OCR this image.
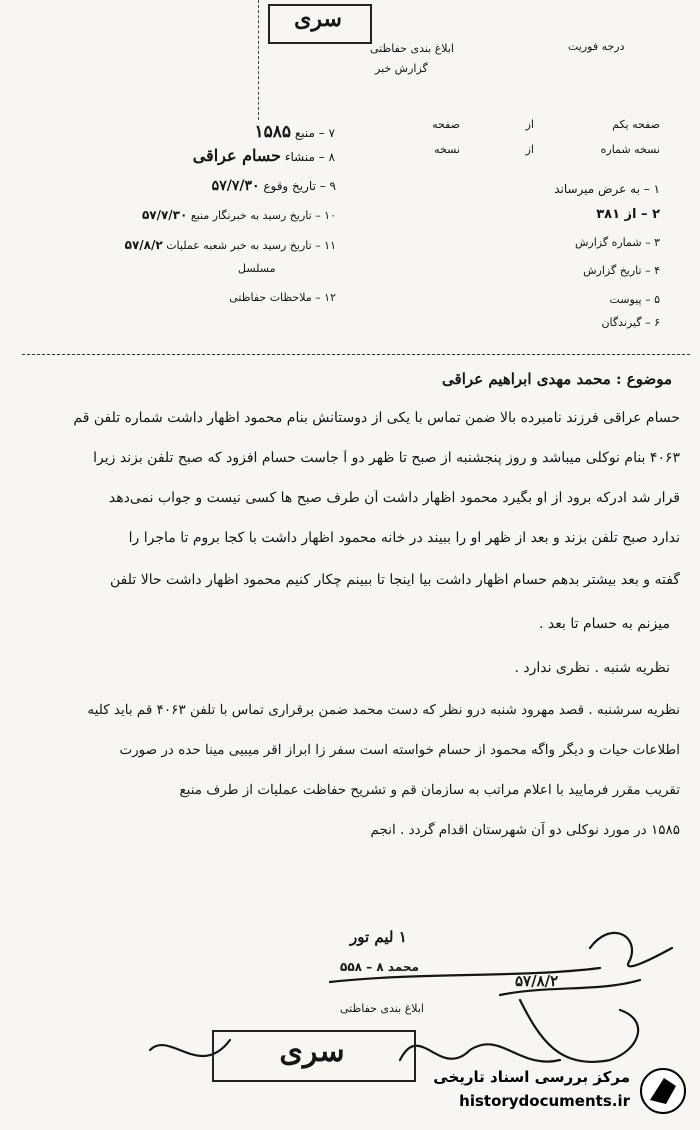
سری
ابلاغ بندی حفاظتی
گزارش خبر
درجه فوریت
۷ – منبع ۱۵۸۵
۸ – منشاء حسام عراقی
۹ – تاریخ وقوع ۵۷/۷/۳۰
۱۰ – تاریخ رسید به خبرنگار منبع ۵۷/۷/۳۰
۱۱ – تاریخ رسید به خبر شعبه عملیات ۵۷/۸/۲
مسلسل
۱۲ – ملاحظات حفاظتی
صفحه یکم
از
صفحه
نسخه شماره
از
نسخه
۱ – به عرض میرساند
۲ – از ۳۸۱
۳ – شماره گزارش
۴ – تاریخ گزارش
۵ – پیوست
۶ – گیرندگان
موضوع : محمد مهدی ابراهیم عراقی
حسام عراقی فرزند نامبرده بالا ضمن تماس با یکی از دوستانش بنام محمود اظهار داشت شماره تلفن قم
۴۰۶۳ بنام نوکلی میباشد و روز پنجشنبه از صبح تا ظهر دو آ جاست حسام افزود که صبح تلفن بزند زیرا
قرار شد ادرکه برود از او بگیرد محمود اظهار داشت آن طرف صبح ها کسی نیست و جواب نمی‌دهد
ندارد صبح تلفن بزند و بعد از ظهر او را ببیند در خانه محمود اظهار داشت با کجا بروم تا ماجرا را
گفته و بعد بیشتر بدهم حسام اظهار داشت بیا اینجا تا ببینم چکار کنیم محمود اظهار داشت حالا تلفن
میزنم به حسام تا بعد .
نظریه شنبه . نظری ندارد .
نظریه سرشنبه . قصد مهرود شنبه درو نظر که دست محمد ضمن برقراری تماس با تلفن ۴۰۶۳ قم باید کلیه
اطلاعات حیات و دیگر واگه محمود از حسام خواسته است سفر زا ابراز اقر میبیی مینا حده در صورت
تقریب مقرر فرمایید با اعلام مراتب به سازمان قم و تشریح حفاظت عملیات از طرف منبع
۱۵۸۵ در مورد نوکلی دو آن شهرستان اقدام گردد . انجم
۱ لیم تور
محمد ۸ – ۵۵۸
۵۷/۸/۲
ابلاغ بندی حفاظتی
سری
مرکز بررسی اسناد تاریخی
historydocuments.ir
